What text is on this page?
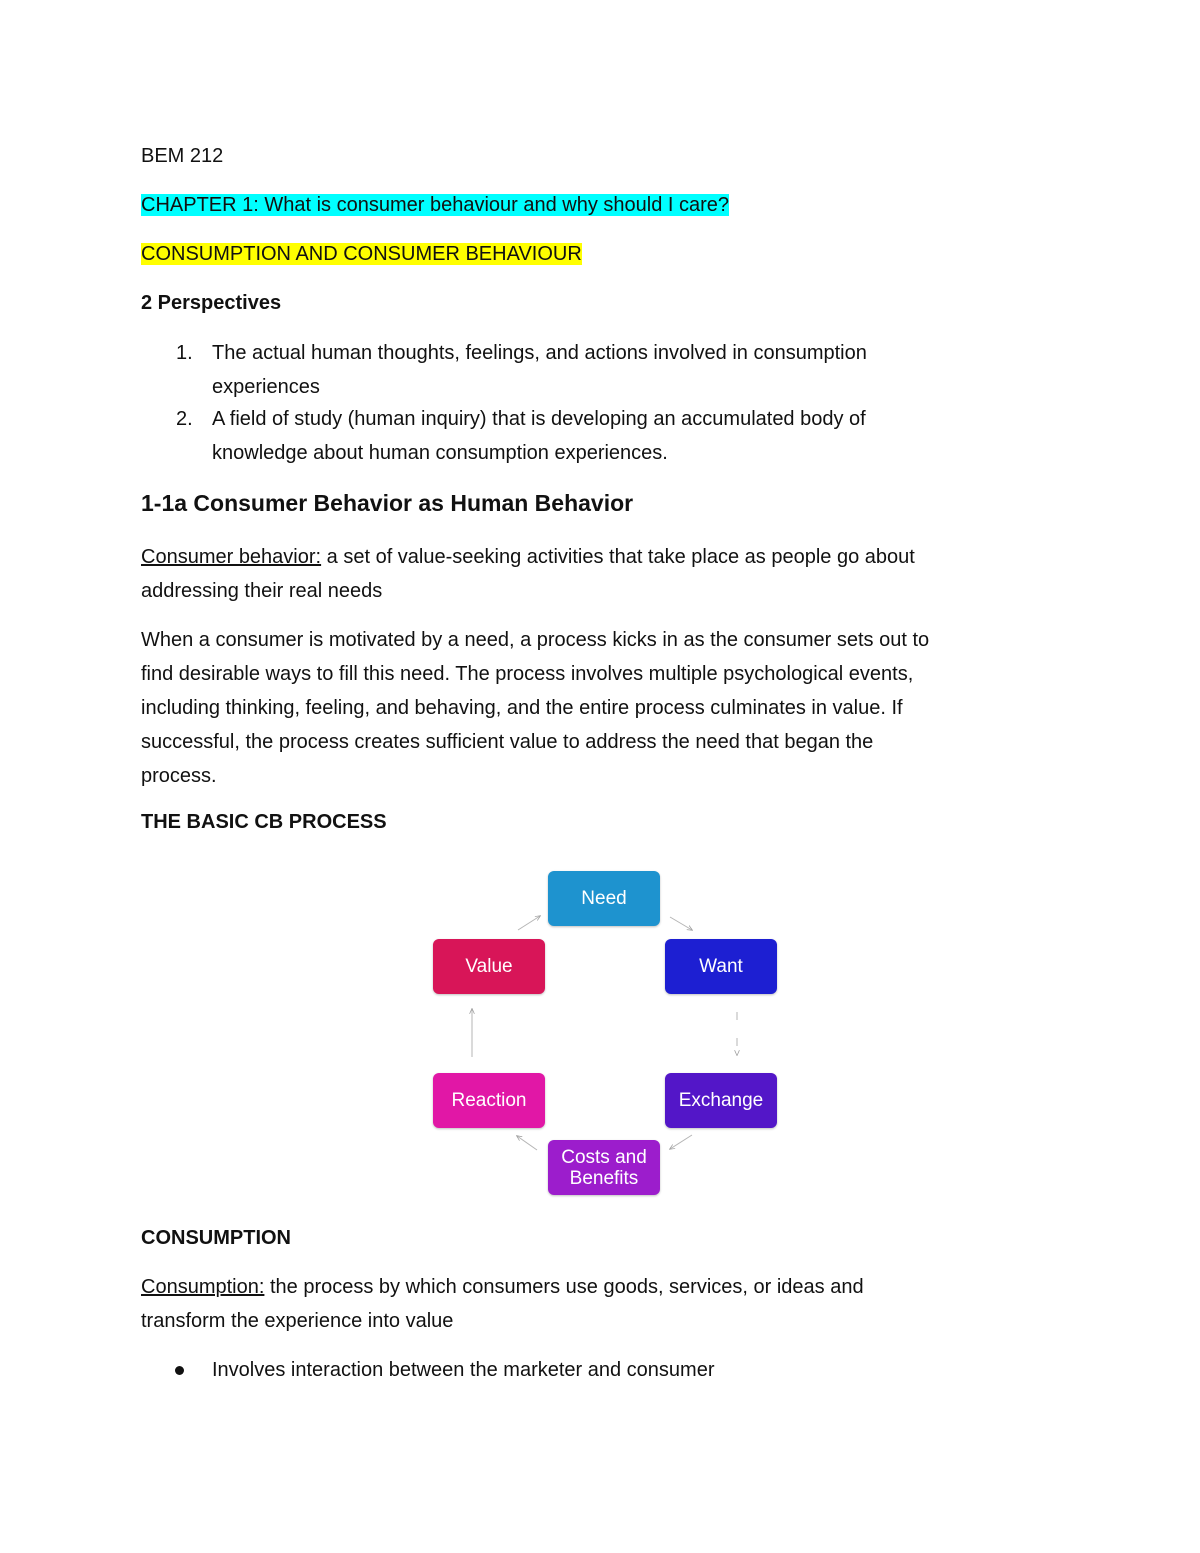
BEM 212
CHAPTER 1: What is consumer behaviour and why should I care?
CONSUMPTION AND CONSUMER BEHAVIOUR
2 Perspectives
1. The actual human thoughts, feelings, and actions involved in consumption
experiences
2. A field of study (human inquiry) that is developing an accumulated body of
knowledge about human consumption experiences.
1-1a Consumer Behavior as Human Behavior
Consumer behavior: a set of value-seeking activities that take place as people go about
addressing their real needs
When a consumer is motivated by a need, a process kicks in as the consumer sets out to
find desirable ways to fill this need. The process involves multiple psychological events,
including thinking, feeling, and behaving, and the entire process culminates in value. If
successful, the process creates sufficient value to address the need that began the
process.
THE BASIC CB PROCESS
Need
Want
Exchange
Costs and
Benefits
Reaction
Value
CONSUMPTION
Consumption: the process by which consumers use goods, services, or ideas and
transform the experience into value
Involves interaction between the marketer and consumer
